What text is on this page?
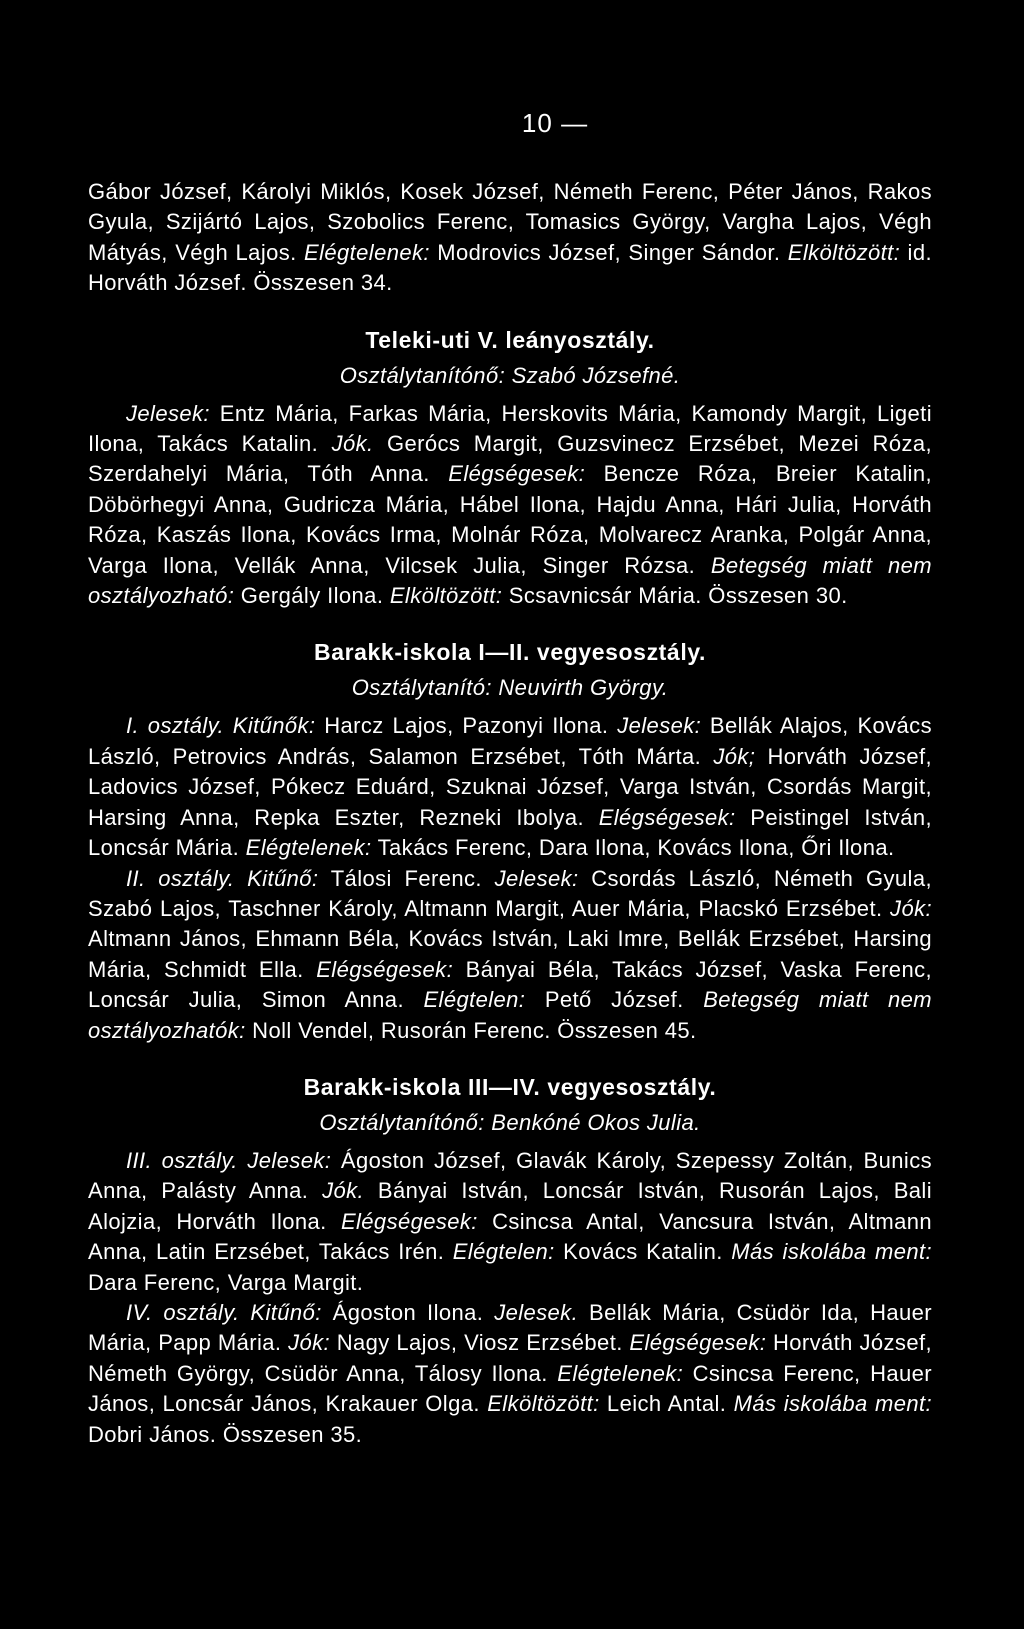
10 —

Gábor József, Károlyi Miklós, Kosek József, Németh Ferenc, Péter János, Rakos Gyula, Szijártó Lajos, Szobolics Ferenc, Tomasics György, Vargha Lajos, Végh Mátyás, Végh Lajos. Elégtelenek: Modrovics József, Singer Sándor. Elköltözött: id. Horváth József. Összesen 34.

Teleki-uti V. leányosztály.
Osztálytanítónő: Szabó Józsefné.

Jelesek: Entz Mária, Farkas Mária, Herskovits Mária, Kamondy Margit, Ligeti Ilona, Takács Katalin. Jók. Gerócs Margit, Guzsvinecz Erzsébet, Mezei Róza, Szerdahelyi Mária, Tóth Anna. Elégségesek: Bencze Róza, Breier Katalin, Döbörhegyi Anna, Gudricza Mária, Hábel Ilona, Hajdu Anna, Hári Julia, Horváth Róza, Kaszás Ilona, Kovács Irma, Molnár Róza, Molvarecz Aranka, Polgár Anna, Varga Ilona, Vellák Anna, Vilcsek Julia, Singer Rózsa. Betegség miatt nem osztályozható: Gergály Ilona. Elköltözött: Scsavnicsár Mária. Összesen 30.

Barakk-iskola I—II. vegyesosztály.
Osztálytanító: Neuvirth György.

I. osztály. Kitűnők: Harcz Lajos, Pazonyi Ilona. Jelesek: Bellák Alajos, Kovács László, Petrovics András, Salamon Erzsébet, Tóth Márta. Jók; Horváth József, Ladovics József, Pókecz Eduárd, Szuknai József, Varga István, Csordás Margit, Harsing Anna, Repka Eszter, Rezneki Ibolya. Elégségesek: Peistingel István, Loncsár Mária. Elégtelenek: Takács Ferenc, Dara Ilona, Kovács Ilona, Őri Ilona.

II. osztály. Kitűnő: Tálosi Ferenc. Jelesek: Csordás László, Németh Gyula, Szabó Lajos, Taschner Károly, Altmann Margit, Auer Mária, Placskó Erzsébet. Jók: Altmann János, Ehmann Béla, Kovács István, Laki Imre, Bellák Erzsébet, Harsing Mária, Schmidt Ella. Elégségesek: Bányai Béla, Takács József, Vaska Ferenc, Loncsár Julia, Simon Anna. Elégtelen: Pető József. Betegség miatt nem osztályozhatók: Noll Vendel, Rusorán Ferenc. Összesen 45.

Barakk-iskola III—IV. vegyesosztály.
Osztálytanítónő: Benkóné Okos Julia.

III. osztály. Jelesek: Ágoston József, Glavák Károly, Szepessy Zoltán, Bunics Anna, Palásty Anna. Jók. Bányai István, Loncsár István, Rusorán Lajos, Bali Alojzia, Horváth Ilona. Elégségesek: Csincsa Antal, Vancsura István, Altmann Anna, Latin Erzsébet, Takács Irén. Elégtelen: Kovács Katalin. Más iskolába ment: Dara Ferenc, Varga Margit.

IV. osztály. Kitűnő: Ágoston Ilona. Jelesek. Bellák Mária, Csüdör Ida, Hauer Mária, Papp Mária. Jók: Nagy Lajos, Viosz Erzsébet. Elégségesek: Horváth József, Németh György, Csüdör Anna, Tálosy Ilona. Elégtelenek: Csincsa Ferenc, Hauer János, Loncsár János, Krakauer Olga. Elköltözött: Leich Antal. Más iskolába ment: Dobri János. Összesen 35.
